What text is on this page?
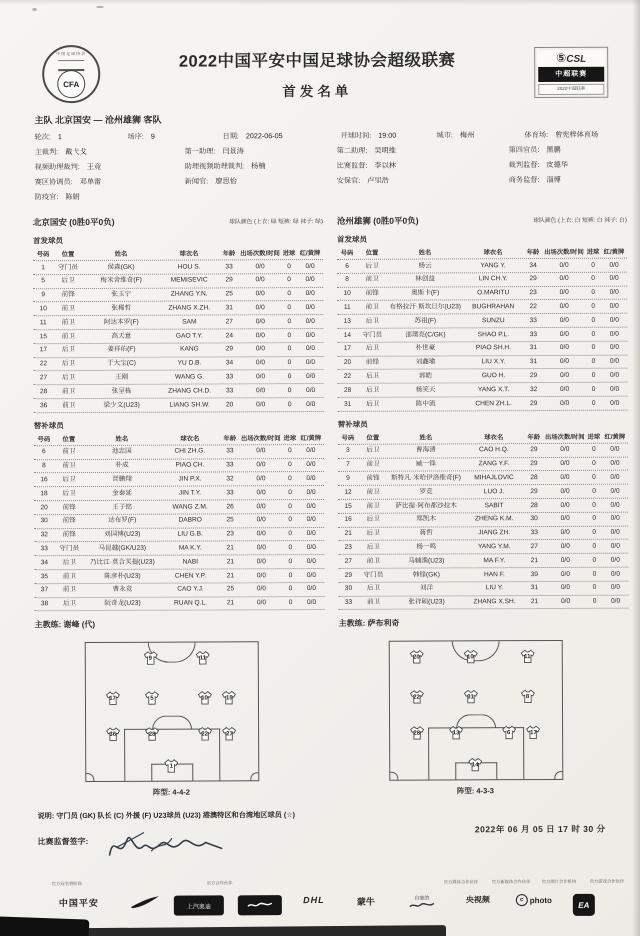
中国足球协会
CFA
2022中国平安中国足球协会超级联赛
首发名单
⑤CSL
中超联赛
2022中超联赛
主队 北京国安 — 沧州雄狮 客队
轮次: 1	场序: 9	日期: 2022-06-05	开球时间: 19:00	城市: 梅州	体育场: 曾宪梓体育场
主裁判: 戴弋戈	第一助理: 闫景涛	第二助理: 吴明维	第四官员: 黑鹏
视频助理裁判: 王竞	助理视频助理裁判: 杨楠	比赛监督: 李以林	裁判监督: 皮德华
赛区协调员: 邓单雷	新闻官: 廖思怡	安保官: 卢里浩	商务监督: 淄博
防疫官: 陈娟
北京国安 (0胜0平0负)	球队颜色 (上衣: 绿 短裤: 绿 袜子: 绿)
首发球员
号码	位置	姓名	球衣名	年龄 出场次数/时间 进球 红/黄牌
1	守门员	侯森(GK)	HOU S.	33	0/0	0	0/0
5	后卫	梅米舍维奇(F)	MEMISEVIC	29	0/0	0	0/0
9	前锋	张玉宁	ZHANG Y.N.	25	0/0	0	0/0
10	前卫	张稀哲	ZHANG X.ZH.	31	0/0	0	0/0
11	前卫	阿达本罗(F)	SAM	27	0/0	0	0/0
15	前卫	高天意	GAO T.Y.	24	0/0	0	0/0
17	后卫	姜祥佑(F)	KANG	29	0/0	0	0/0
22	后卫	于大宝(C)	YU D.B.	34	0/0	0	0/0
27	后卫	王刚	WANG G.	33	0/0	0	0/0
28	前卫	张呈栋	ZHANG CH.D.	33	0/0	0	0/0
36	前卫	梁少文(U23)	LIANG SH.W.	20	0/0	0	0/0
替补球员
号码	位置	姓名	球衣名	年龄 出场次数/时间 进球 红/黄牌
6	前卫	池忠国	CHI ZH.G.	33	0/0	0	0/0
8	前卫	朴成	PIAO CH.	33	0/0	0	0/0
16	后卫	晋鹏翔	JIN P.X.	32	0/0	0	0/0
18	后卫	金泰延	JIN T.Y.	33	0/0	0	0/0
20	前锋	王子铭	WANG Z.M.	26	0/0	0	0/0
30	前锋	达布罗(F)	DABRO	25	0/0	0	0/0
32	前锋	刘国博(U23)	LIU G.B.	23	0/0	0	0/0
33	守门员	马昆越(GK/U23)	MA K.Y.	21	0/0	0	0/0
34	后卫	乃比江·莫合买提(U23)	NABI	21	0/0	0	0/0
35	前卫	陈彦朴(U23)	CHEN Y.P.	21	0/0	0	0/0
37	前卫	曹永竞	CAO Y.J.	25	0/0	0	0/0
38	后卫	阮奇龙(U23)	RUAN Q.L.	21	0/0	0	0/0
主教练: 谢峰 (代)
9	11
17	5	10	15
36	28	22	27
1
阵型: 4-4-2
沧州雄狮 (0胜0平0负)	球队颜色 (上衣: 白 短裤: 白 袜子: 白)
首发球员
号码	位置	姓名	球衣名	年龄 出场次数/时间 进球 红/黄牌
6	后卫	杨云	YANG Y.	34	0/0	0	0/0
8	前卫	林创益	LIN CH.Y.	29	0/0	0	0/0
10	前锋	奥斯卡(F)	O.MARITU	23	0/0	0	0/0
11	前卫	布格拉汗·斯坎旦尔(U23)	BUGHRAHAN	22	0/0	0	0/0
13	后卫	苏祖(F)	SUNZU	33	0/0	0	0/0
14	守门员	邵璞亮(C/GK)	SHAO P.L.	33	0/0	0	0/0
17	后卫	朴世豪	PIAO SH.H.	31	0/0	0	0/0
20	前锋	刘鑫瑜	LIU X.Y.	31	0/0	0	0/0
22	后卫	郭皓	GUO H.	29	0/0	0	0/0
28	后卫	杨笑天	YANG X.T.	32	0/0	0	0/0
31	后卫	陈中流	CHEN ZH.L.	29	0/0	0	0/0
替补球员
号码	位置	姓名	球衣名	年龄 出场次数/时间 进球 红/黄牌
3	后卫	曹海清	CAO H.Q.	29	0/0	0	0/0
7	前卫	臧一锋	ZANG Y.F.	29	0/0	0	0/0
9	前锋	斯特凡·米哈伊洛维奇(F)	MIHAJLOVIC	28	0/0	0	0/0
12	前卫	罗竞	LUO J.	29	0/0	0	0/0
15	前卫	萨比提·阿布都沙拉木	SABIT	28	0/0	0	0/0
16	后卫	郑凯木	ZHENG K.M.	30	0/0	0	0/0
21	后卫	蒋哲	JIANG ZH.	33	0/0	0	0/0
23	后卫	杨一鸣	YANG Y.M.	27	0/0	0	0/0
27	前卫	马辅渔(U23)	MA F.Y.	21	0/0	0	0/0
29	守门员	韩锋(GK)	HAN F.	39	0/0	0	0/0
30	后卫	刘洋	LIU Y.	31	0/0	0	0/0
33	前卫	张祥硕(U23)	ZHANG X.SH.	21	0/0	0	0/0
主教练: 萨布利奇
20	10	11
22	31	8
28	13	6	17
14
阵型: 4-3-3
说明: 守门员 (GK) 队长 (C) 外援 (F) U23球员 (U23) 港澳特区和台湾地区球员 (☆)
2022年 06 月 05 日 17 时 30 分
比赛监督签字:
官方冠名赞助商	官方合作伙伴	官方媒体合作伙伴	官方新媒体合作伙伴	官方图片合作机构	官方游戏合作伙伴
中国平安	上汽奥迪
DHL	蒙牛	自豪的	央视频	c photo
EA
